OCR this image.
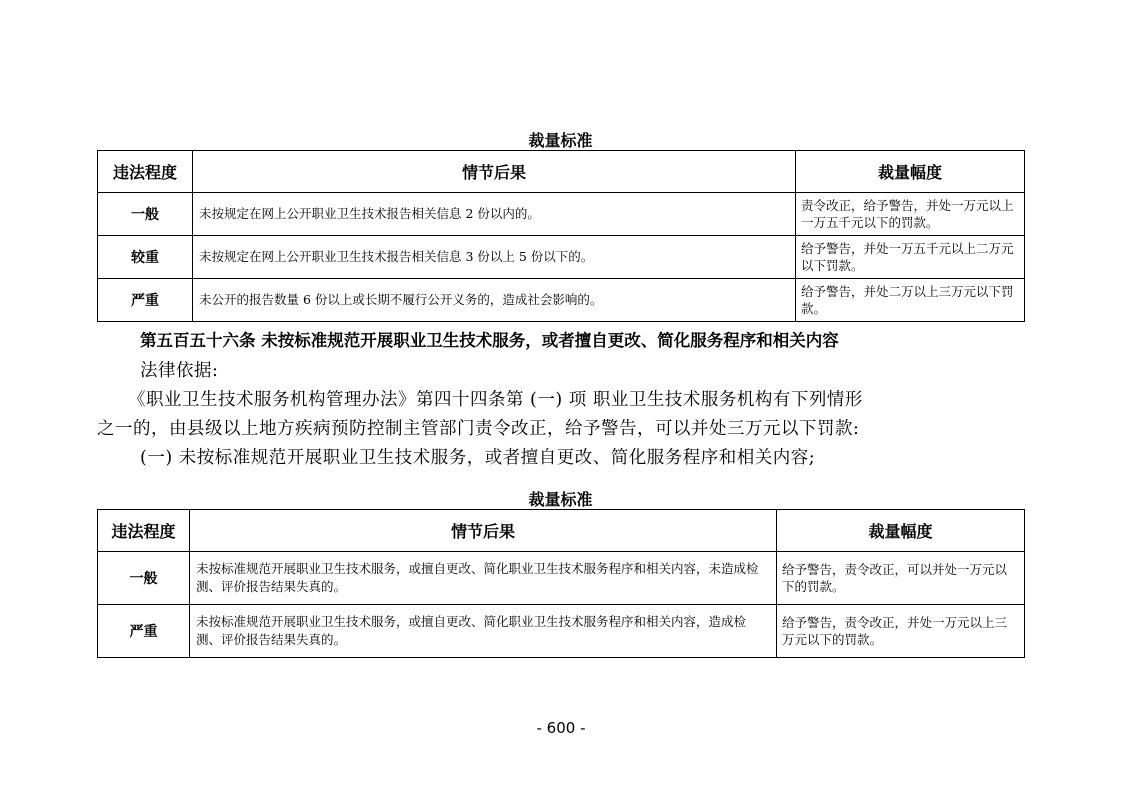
裁量标准
违法程度	情节后果	裁量幅度
一般	未按规定在网上公开职业卫生技术报告相关信息 2 份以内的。	责令改正，给予警告，并处一万元以上一万五千元以下的罚款。
较重	未按规定在网上公开职业卫生技术报告相关信息 3 份以上 5 份以下的。	给予警告，并处一万五千元以上二万元以下罚款。
严重	未公开的报告数量 6 份以上或长期不履行公开义务的，造成社会影响的。	给予警告，并处二万以上三万元以下罚款。
第五百五十六条 未按标准规范开展职业卫生技术服务，或者擅自更改、简化服务程序和相关内容
法律依据:
《职业卫生技术服务机构管理办法》第四十四条第 (一) 项 职业卫生技术服务机构有下列情形
之一的，由县级以上地方疾病预防控制主管部门责令改正，给予警告，可以并处三万元以下罚款:
(一) 未按标准规范开展职业卫生技术服务，或者擅自更改、简化服务程序和相关内容;
裁量标准
违法程度	情节后果	裁量幅度
一般	未按标准规范开展职业卫生技术服务，或擅自更改、简化职业卫生技术服务程序和相关内容，未造成检测、评价报告结果失真的。	给予警告，责令改正，可以并处一万元以下的罚款。
严重	未按标准规范开展职业卫生技术服务，或擅自更改、简化职业卫生技术服务程序和相关内容，造成检测、评价报告结果失真的。	给予警告，责令改正，并处一万元以上三万元以下的罚款。
- 600 -
